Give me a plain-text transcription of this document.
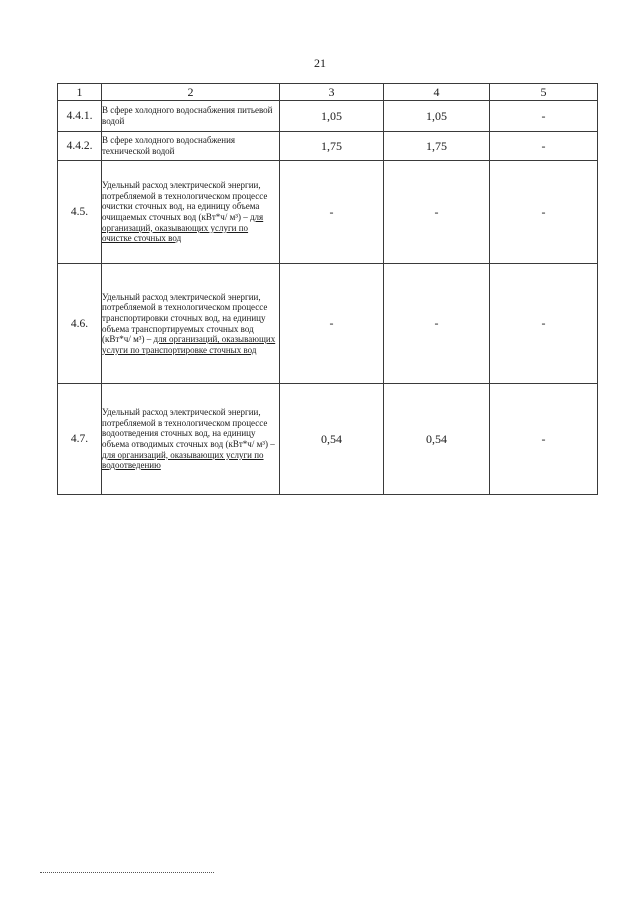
21
1	2	3	4	5
4.4.1.	В сфере холодного водоснабжения питьевой водой	1,05	1,05	-
4.4.2.	В сфере холодного водоснабжения технической водой	1,75	1,75	-
4.5.	Удельный расход электрической энергии, потребляемой в технологическом процессе очистки сточных вод, на единицу объема очищаемых сточных вод (кВт*ч/ м³) – для организаций, оказывающих услуги по очистке сточных вод	-	-	-
4.6.	Удельный расход электрической энергии, потребляемой в технологическом процессе транспортировки сточных вод, на единицу объема транспортируемых сточных вод (кВт*ч/ м³) – для организаций, оказывающих услуги по транспортировке сточных вод	-	-	-
4.7.	Удельный расход электрической энергии, потребляемой в технологическом процессе водоотведения сточных вод, на единицу объема отводимых сточных вод (кВт*ч/ м³) – для организаций, оказывающих услуги по водоотведению	0,54	0,54	-
